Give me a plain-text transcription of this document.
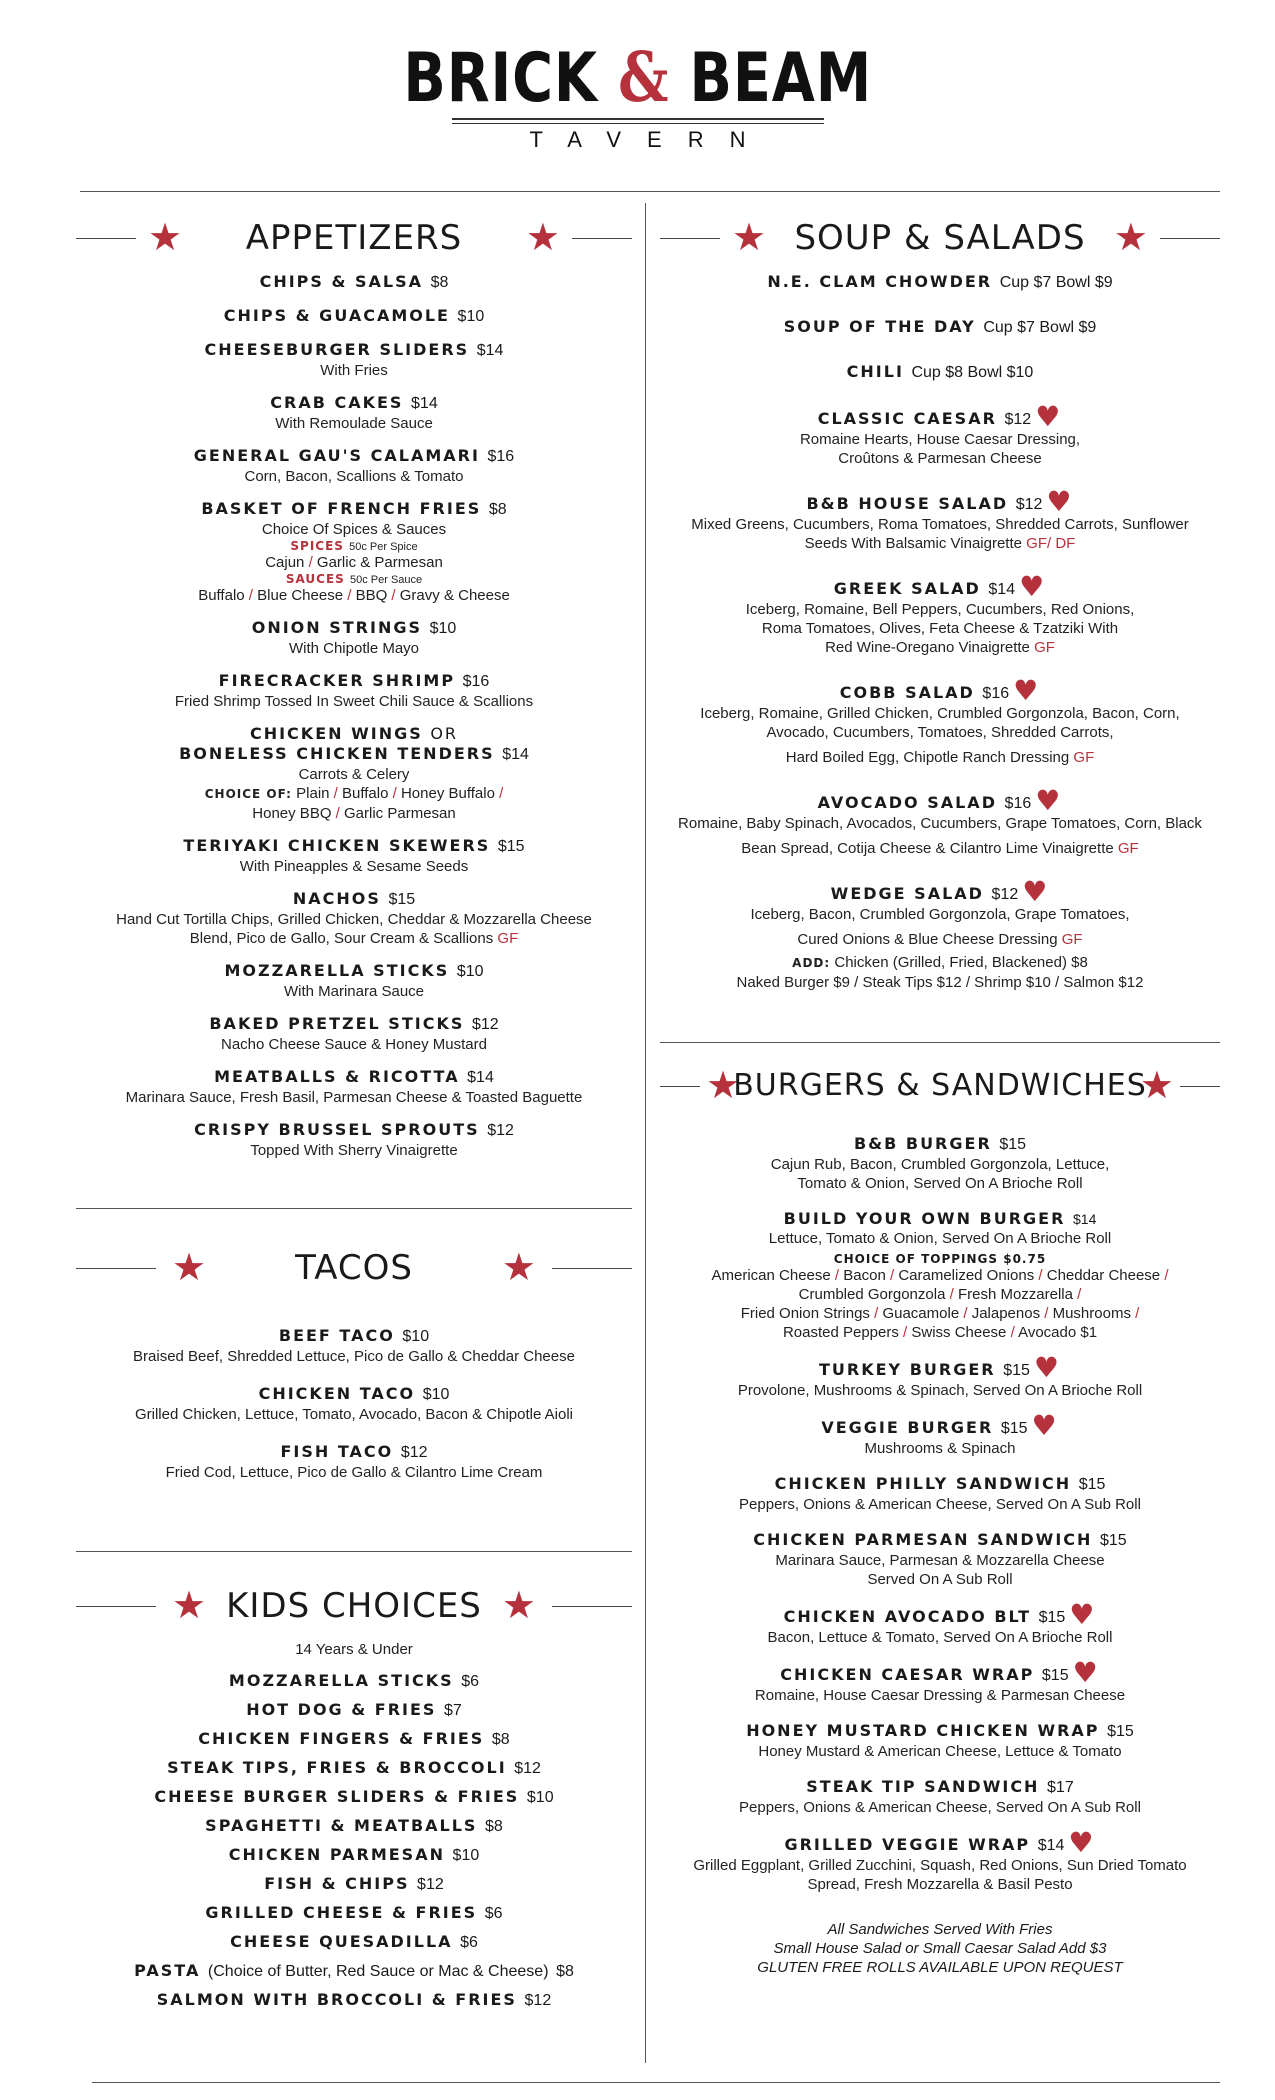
BRICK & BEAM
TAVERN
★	APPETIZERS	★
CHIPS & SALSA $8
CHIPS & GUACAMOLE $10
CHEESEBURGER SLIDERS $14
With Fries
CRAB CAKES $14
With Remoulade Sauce
GENERAL GAU'S CALAMARI $16
Corn, Bacon, Scallions & Tomato
BASKET OF FRENCH FRIES $8
Choice Of Spices & Sauces
SPICES 50c Per Spice
Cajun / Garlic & Parmesan
SAUCES 50c Per Sauce
Buffalo / Blue Cheese / BBQ / Gravy & Cheese
ONION STRINGS $10
With Chipotle Mayo
FIRECRACKER SHRIMP $16
Fried Shrimp Tossed In Sweet Chili Sauce & Scallions
CHICKEN WINGS OR
BONELESS CHICKEN TENDERS $14
Carrots & Celery
CHOICE OF: Plain / Buffalo / Honey Buffalo /
Honey BBQ / Garlic Parmesan
TERIYAKI CHICKEN SKEWERS $15
With Pineapples & Sesame Seeds
NACHOS $15
Hand Cut Tortilla Chips, Grilled Chicken, Cheddar & Mozzarella Cheese
Blend, Pico de Gallo, Sour Cream & Scallions GF
MOZZARELLA STICKS $10
With Marinara Sauce
BAKED PRETZEL STICKS $12
Nacho Cheese Sauce & Honey Mustard
MEATBALLS & RICOTTA $14
Marinara Sauce, Fresh Basil, Parmesan Cheese & Toasted Baguette
CRISPY BRUSSEL SPROUTS $12
Topped With Sherry Vinaigrette
★	TACOS	★
BEEF TACO $10
Braised Beef, Shredded Lettuce, Pico de Gallo & Cheddar Cheese
CHICKEN TACO $10
Grilled Chicken, Lettuce, Tomato, Avocado, Bacon & Chipotle Aioli
FISH TACO $12
Fried Cod, Lettuce, Pico de Gallo & Cilantro Lime Cream
★ KIDS CHOICES ★
14 Years & Under
MOZZARELLA STICKS $6
HOT DOG & FRIES $7
CHICKEN FINGERS & FRIES $8
STEAK TIPS, FRIES & BROCCOLI $12
CHEESE BURGER SLIDERS & FRIES $10
SPAGHETTI & MEATBALLS $8
CHICKEN PARMESAN $10
FISH & CHIPS $12
GRILLED CHEESE & FRIES $6
CHEESE QUESADILLA $6
PASTA (Choice of Butter, Red Sauce or Mac & Cheese) $8
SALMON WITH BROCCOLI & FRIES $12
★ SOUP & SALADS ★
N.E. CLAM CHOWDER Cup $7 Bowl $9
SOUP OF THE DAY Cup $7 Bowl $9
CHILI Cup $8 Bowl $10
CLASSIC CAESAR $12 ♥
Romaine Hearts, House Caesar Dressing,
Croûtons & Parmesan Cheese
B&B HOUSE SALAD $12 ♥
Mixed Greens, Cucumbers, Roma Tomatoes, Shredded Carrots, Sunflower
Seeds With Balsamic Vinaigrette GF/ DF
GREEK SALAD $14 ♥
Iceberg, Romaine, Bell Peppers, Cucumbers, Red Onions,
Roma Tomatoes, Olives, Feta Cheese & Tzatziki With
Red Wine-Oregano Vinaigrette GF
COBB SALAD $16 ♥
Iceberg, Romaine, Grilled Chicken, Crumbled Gorgonzola, Bacon, Corn,
Avocado, Cucumbers, Tomatoes, Shredded Carrots,
Hard Boiled Egg, Chipotle Ranch Dressing GF
AVOCADO SALAD $16 ♥
Romaine, Baby Spinach, Avocados, Cucumbers, Grape Tomatoes, Corn, Black
Bean Spread, Cotija Cheese & Cilantro Lime Vinaigrette GF
WEDGE SALAD $12 ♥
Iceberg, Bacon, Crumbled Gorgonzola, Grape Tomatoes,
Cured Onions & Blue Cheese Dressing GF
ADD: Chicken (Grilled, Fried, Blackened) $8
Naked Burger $9 / Steak Tips $12 / Shrimp $10 / Salmon $12
★
BURGERS & SANDWICHES
★
B&B BURGER $15
Cajun Rub, Bacon, Crumbled Gorgonzola, Lettuce,
Tomato & Onion, Served On A Brioche Roll
BUILD YOUR OWN BURGER $14
Lettuce, Tomato & Onion, Served On A Brioche Roll
CHOICE OF TOPPINGS $0.75
American Cheese / Bacon / Caramelized Onions / Cheddar Cheese /
Crumbled Gorgonzola / Fresh Mozzarella /
Fried Onion Strings / Guacamole / Jalapenos / Mushrooms /
Roasted Peppers / Swiss Cheese / Avocado $1
TURKEY BURGER $15 ♥
Provolone, Mushrooms & Spinach, Served On A Brioche Roll
VEGGIE BURGER $15 ♥
Mushrooms & Spinach
CHICKEN PHILLY SANDWICH $15
Peppers, Onions & American Cheese, Served On A Sub Roll
CHICKEN PARMESAN SANDWICH $15
Marinara Sauce, Parmesan & Mozzarella Cheese
Served On A Sub Roll
CHICKEN AVOCADO BLT $15 ♥
Bacon, Lettuce & Tomato, Served On A Brioche Roll
CHICKEN CAESAR WRAP $15 ♥
Romaine, House Caesar Dressing & Parmesan Cheese
HONEY MUSTARD CHICKEN WRAP $15
Honey Mustard & American Cheese, Lettuce & Tomato
STEAK TIP SANDWICH $17
Peppers, Onions & American Cheese, Served On A Sub Roll
GRILLED VEGGIE WRAP $14 ♥
Grilled Eggplant, Grilled Zucchini, Squash, Red Onions, Sun Dried Tomato
Spread, Fresh Mozzarella & Basil Pesto
All Sandwiches Served With Fries
Small House Salad or Small Caesar Salad Add $3
GLUTEN FREE ROLLS AVAILABLE UPON REQUEST
